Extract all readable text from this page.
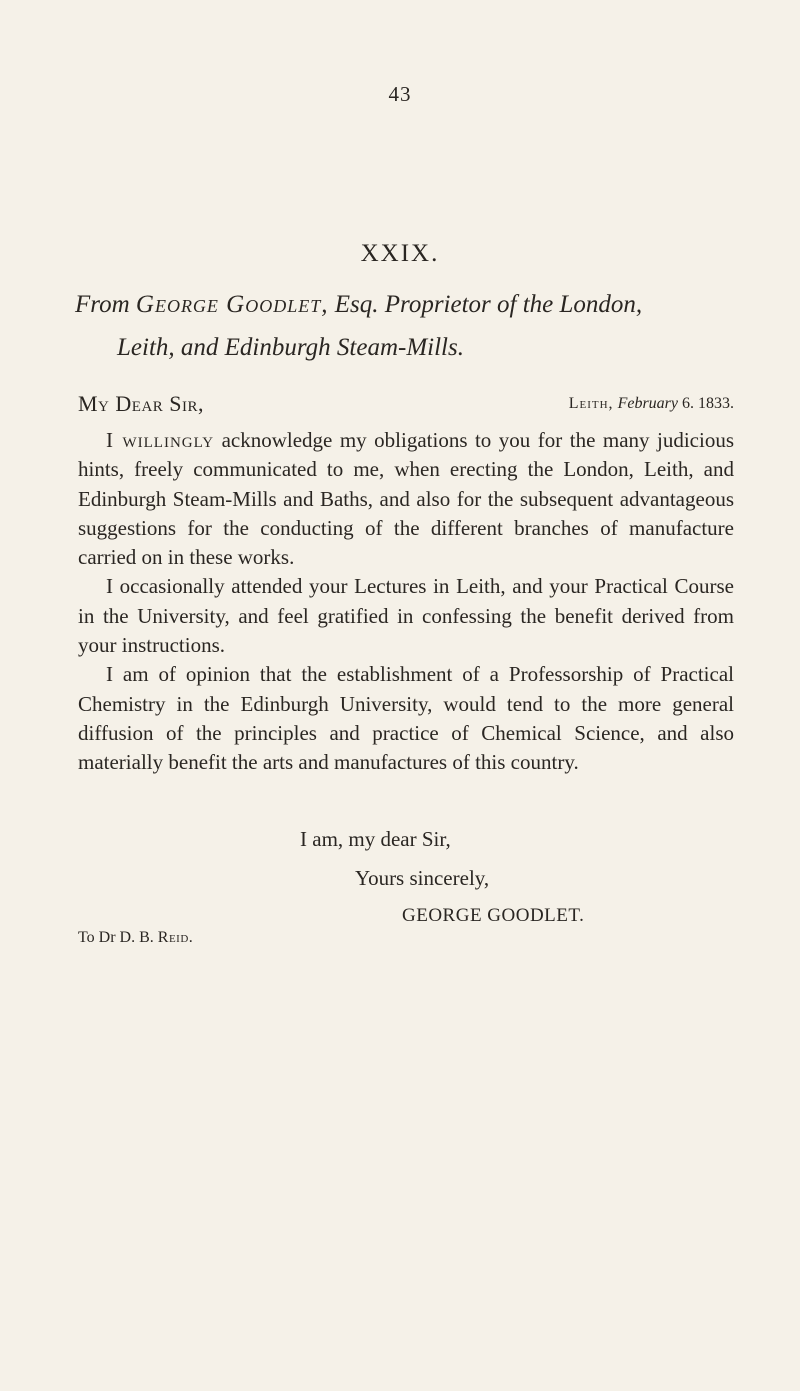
43
XXIX.
From George Goodlet, Esq. Proprietor of the London,
Leith, and Edinburgh Steam-Mills.
My Dear Sir,	Leith, February 6. 1833.

I willingly acknowledge my obligations to you for the many judicious hints, freely communicated to me, when erecting the London, Leith, and Edinburgh Steam-Mills and Baths, and also for the subsequent advantageous suggestions for the conducting of the different branches of manufacture carried on in these works.

I occasionally attended your Lectures in Leith, and your Practical Course in the University, and feel gratified in confessing the benefit derived from your instructions.

I am of opinion that the establishment of a Professorship of Practical Chemistry in the Edinburgh University, would tend to the more general diffusion of the principles and practice of Chemical Science, and also materially benefit the arts and manufactures of this country.

I am, my dear Sir,
Yours sincerely,
GEORGE GOODLET.
To Dr D. B. Reid.
